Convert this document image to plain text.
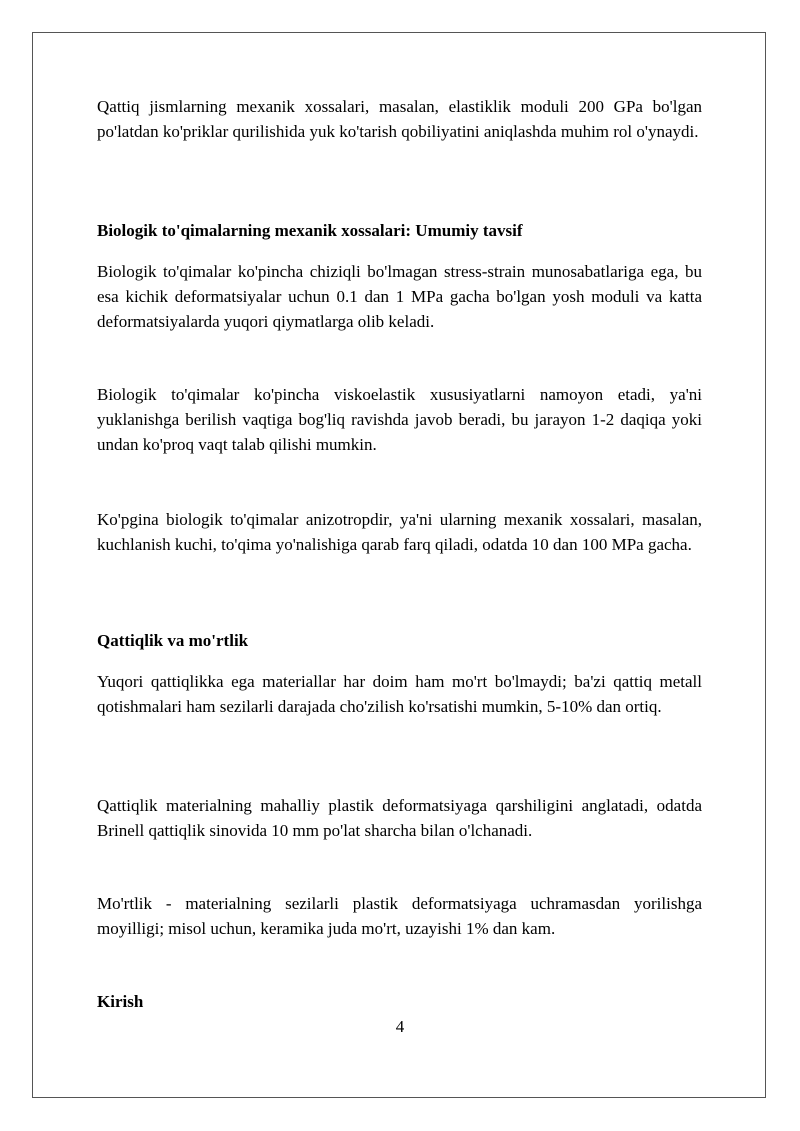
Qattiq jismlarning mexanik xossalari, masalan, elastiklik moduli 200 GPa bo'lgan po'latdan ko'priklar qurilishida yuk ko'tarish qobiliyatini aniqlashda muhim rol o'ynaydi.

Biologik to'qimalarning mexanik xossalari: Umumiy tavsif

Biologik to'qimalar ko'pincha chiziqli bo'lmagan stress-strain munosabatlariga ega, bu esa kichik deformatsiyalar uchun 0.1 dan 1 MPa gacha bo'lgan yosh moduli va katta deformatsiyalarda yuqori qiymatlarga olib keladi.

Biologik to'qimalar ko'pincha viskoelastik xususiyatlarni namoyon etadi, ya'ni yuklanishga berilish vaqtiga bog'liq ravishda javob beradi, bu jarayon 1-2 daqiqa yoki undan ko'proq vaqt talab qilishi mumkin.

Ko'pgina biologik to'qimalar anizotropdir, ya'ni ularning mexanik xossalari, masalan, kuchlanish kuchi, to'qima yo'nalishiga qarab farq qiladi, odatda 10 dan 100 MPa gacha.

Qattiqlik va mo'rtlik

Yuqori qattiqlikka ega materiallar har doim ham mo'rt bo'lmaydi; ba'zi qattiq metall qotishmalari ham sezilarli darajada cho'zilish ko'rsatishi mumkin, 5-10% dan ortiq.

Qattiqlik materialning mahalliy plastik deformatsiyaga qarshiligini anglatadi, odatda Brinell qattiqlik sinovida 10 mm po'lat sharcha bilan o'lchanadi.

Mo'rtlik - materialning sezilarli plastik deformatsiyaga uchramasdan yorilishga moyilligi; misol uchun, keramika juda mo'rt, uzayishi 1% dan kam.

Kirish

4
